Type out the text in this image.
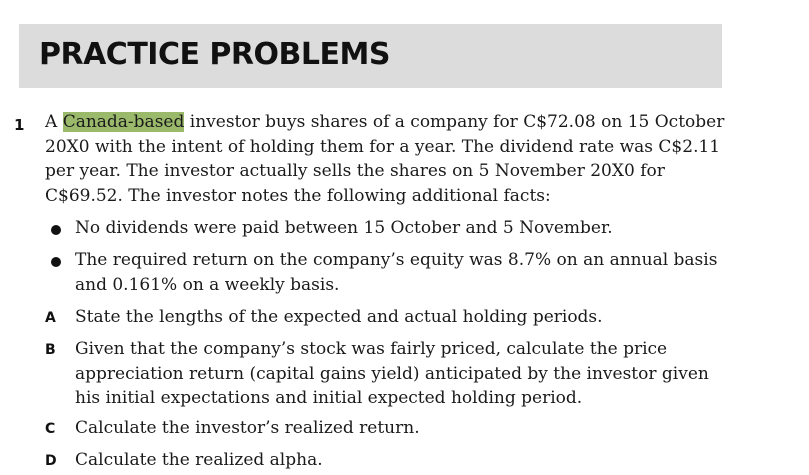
PRACTICE PROBLEMS
1 A Canada-based investor buys shares of a company for C$72.08 on 15 October 20X0 with the intent of holding them for a year. The dividend rate was C$2.11 per year. The investor actually sells the shares on 5 November 20X0 for C$69.52. The investor notes the following additional facts:

No dividends were paid between 15 October and 5 November.
The required return on the company’s equity was 8.7% on an annual basis and 0.161% on a weekly basis.
A State the lengths of the expected and actual holding periods.
B Given that the company’s stock was fairly priced, calculate the price appreciation return (capital gains yield) anticipated by the investor given his initial expectations and initial expected holding period.
C Calculate the investor’s realized return.
D Calculate the realized alpha.
